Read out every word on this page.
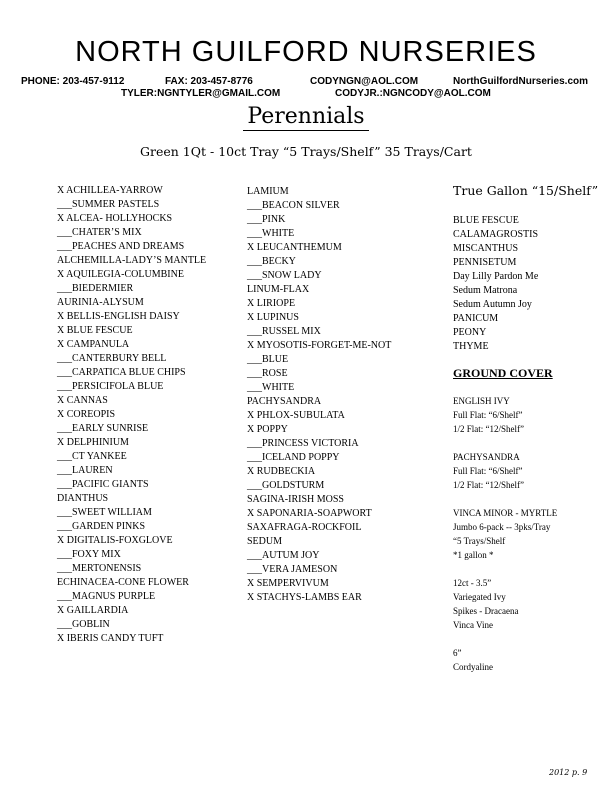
NORTH GUILFORD NURSERIES
PHONE: 203-457-9112	FAX: 203-457-8776	CODYNGN@AOL.COM	NorthGuilfordNurseries.com
TYLER:NGNTYLER@GMAIL.COM	CODYJR.:NGNCODY@AOL.COM
Perennials
Green 1Qt - 10ct Tray “5 Trays/Shelf” 35 Trays/Cart
X ACHILLEA-YARROW
___SUMMER PASTELS
X ALCEA- HOLLYHOCKS
___CHATER’S MIX
___PEACHES AND DREAMS
ALCHEMILLA-LADY’S MANTLE
X AQUILEGIA-COLUMBINE
___BIEDERMIER
AURINIA-ALYSUM
X BELLIS-ENGLISH DAISY
X BLUE FESCUE
X CAMPANULA
___CANTERBURY BELL
___CARPATICA BLUE CHIPS
___PERSICIFOLA BLUE
X CANNAS
X COREOPIS
___EARLY SUNRISE
X DELPHINIUM
___CT YANKEE
___LAUREN
___PACIFIC GIANTS
DIANTHUS
___SWEET WILLIAM
___GARDEN PINKS
X DIGITALIS-FOXGLOVE
___FOXY MIX
___MERTONENSIS
ECHINACEA-CONE FLOWER
___MAGNUS PURPLE
X GAILLARDIA
___GOBLIN
X IBERIS CANDY TUFT
LAMIUM
___BEACON SILVER
___PINK
___WHITE
X LEUCANTHEMUM
___BECKY
___SNOW LADY
LINUM-FLAX
X LIRIOPE
X LUPINUS
___RUSSEL MIX
X MYOSOTIS-FORGET-ME-NOT
___BLUE
___ROSE
___WHITE
PACHYSANDRA
X PHLOX-SUBULATA
X POPPY
___PRINCESS VICTORIA
___ICELAND POPPY
X RUDBECKIA
___GOLDSTURM
SAGINA-IRISH MOSS
X SAPONARIA-SOAPWORT
SAXAFRAGA-ROCKFOIL
SEDUM
___AUTUM JOY
___VERA JAMESON
X SEMPERVIVUM
X STACHYS-LAMBS EAR
True Gallon “15/Shelf”
BLUE FESCUE
CALAMAGROSTIS
MISCANTHUS
PENNISETUM
Day Lilly Pardon Me
Sedum Matrona
Sedum Autumn Joy
PANICUM
PEONY
THYME
GROUND COVER
ENGLISH IVY
Full Flat: “6/Shelf”
1/2 Flat: “12/Shelf”
PACHYSANDRA
Full Flat: “6/Shelf”
1/2 Flat: “12/Shelf”
VINCA MINOR - MYRTLE
Jumbo 6-pack -- 3pks/Tray
“5 Trays/Shelf
*1 gallon *
12ct - 3.5”
Variegated Ivy
Spikes - Dracaena
Vinca Vine
6”
Cordyaline
2012 p. 9
